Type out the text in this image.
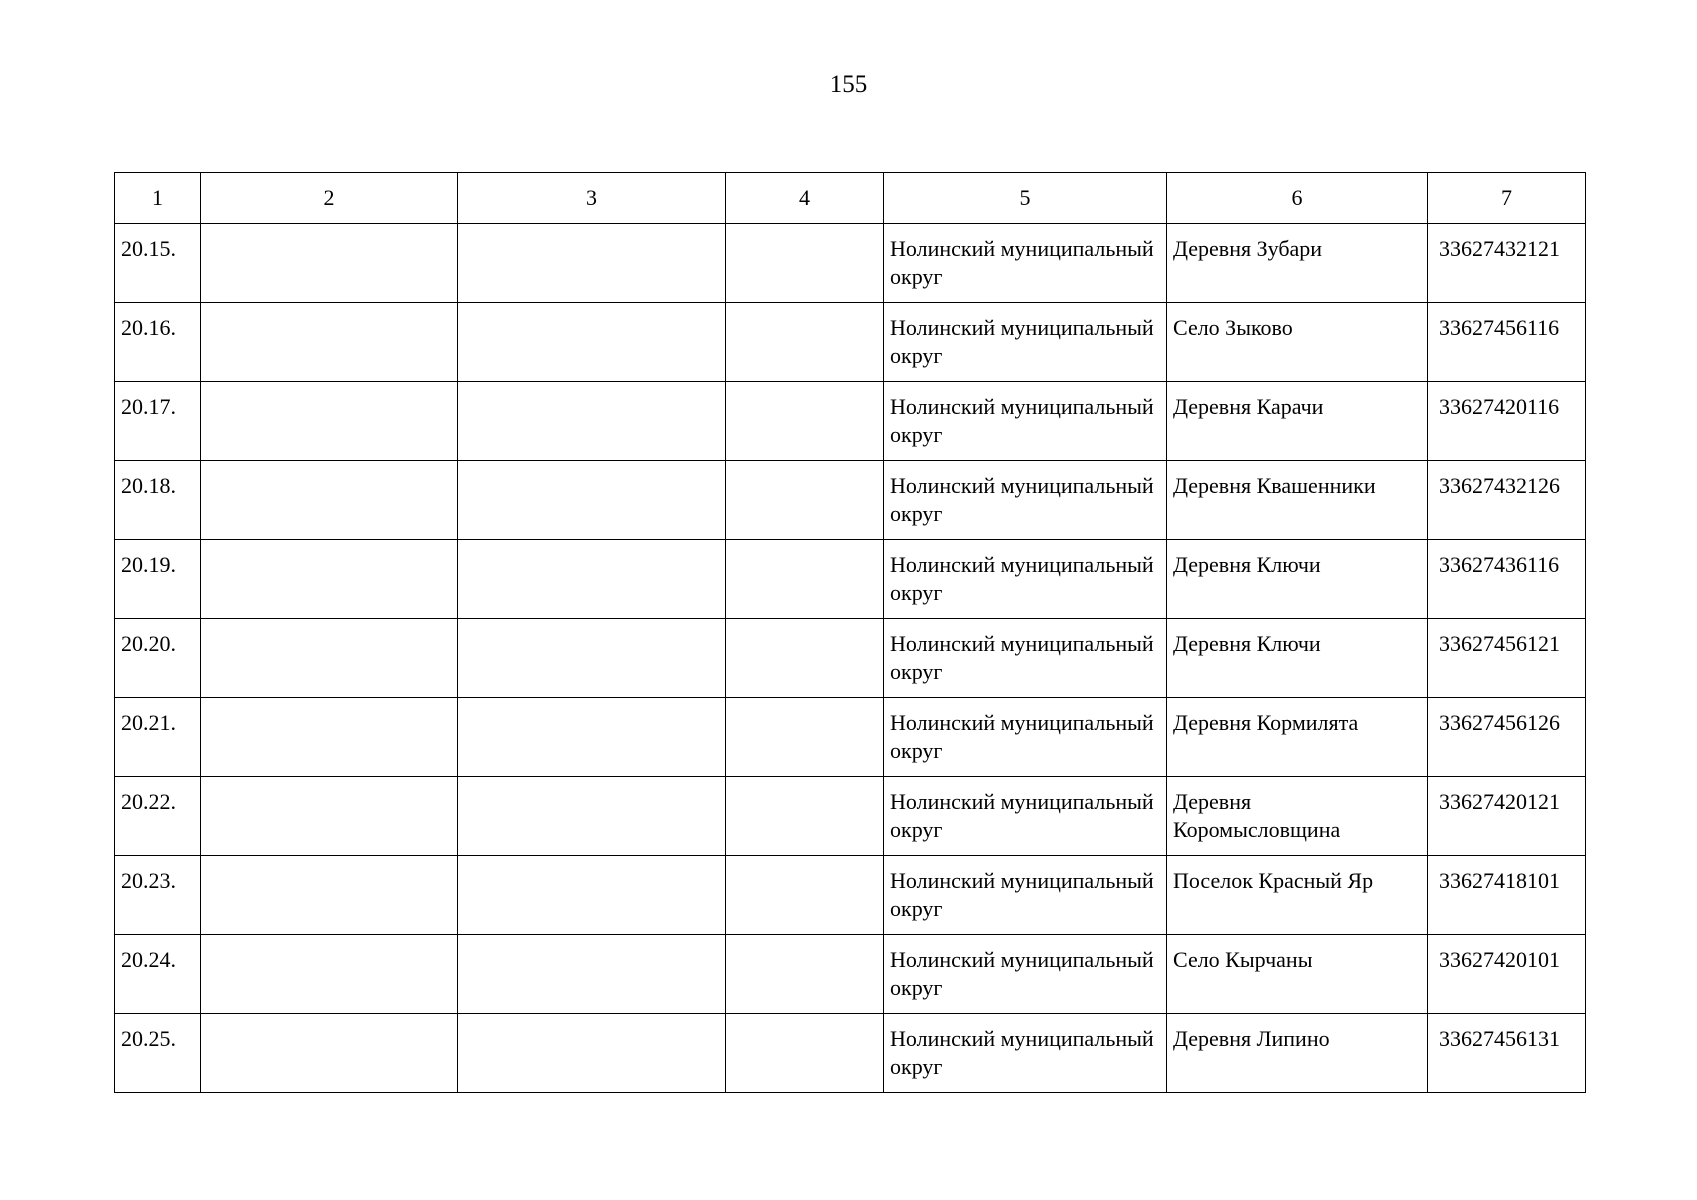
155
1	2	3	4	5	6	7
20.15.				Нолинский муниципальный округ	Деревня Зубари	33627432121
20.16.				Нолинский муниципальный округ	Село Зыково	33627456116
20.17.				Нолинский муниципальный округ	Деревня Карачи	33627420116
20.18.				Нолинский муниципальный округ	Деревня Квашенники	33627432126
20.19.				Нолинский муниципальный округ	Деревня Ключи	33627436116
20.20.				Нолинский муниципальный округ	Деревня Ключи	33627456121
20.21.				Нолинский муниципальный округ	Деревня Кормилята	33627456126
20.22.				Нолинский муниципальный округ	Деревня Коромысловщина	33627420121
20.23.				Нолинский муниципальный округ	Поселок Красный Яр	33627418101
20.24.				Нолинский муниципальный округ	Село Кырчаны	33627420101
20.25.				Нолинский муниципальный округ	Деревня Липино	33627456131
